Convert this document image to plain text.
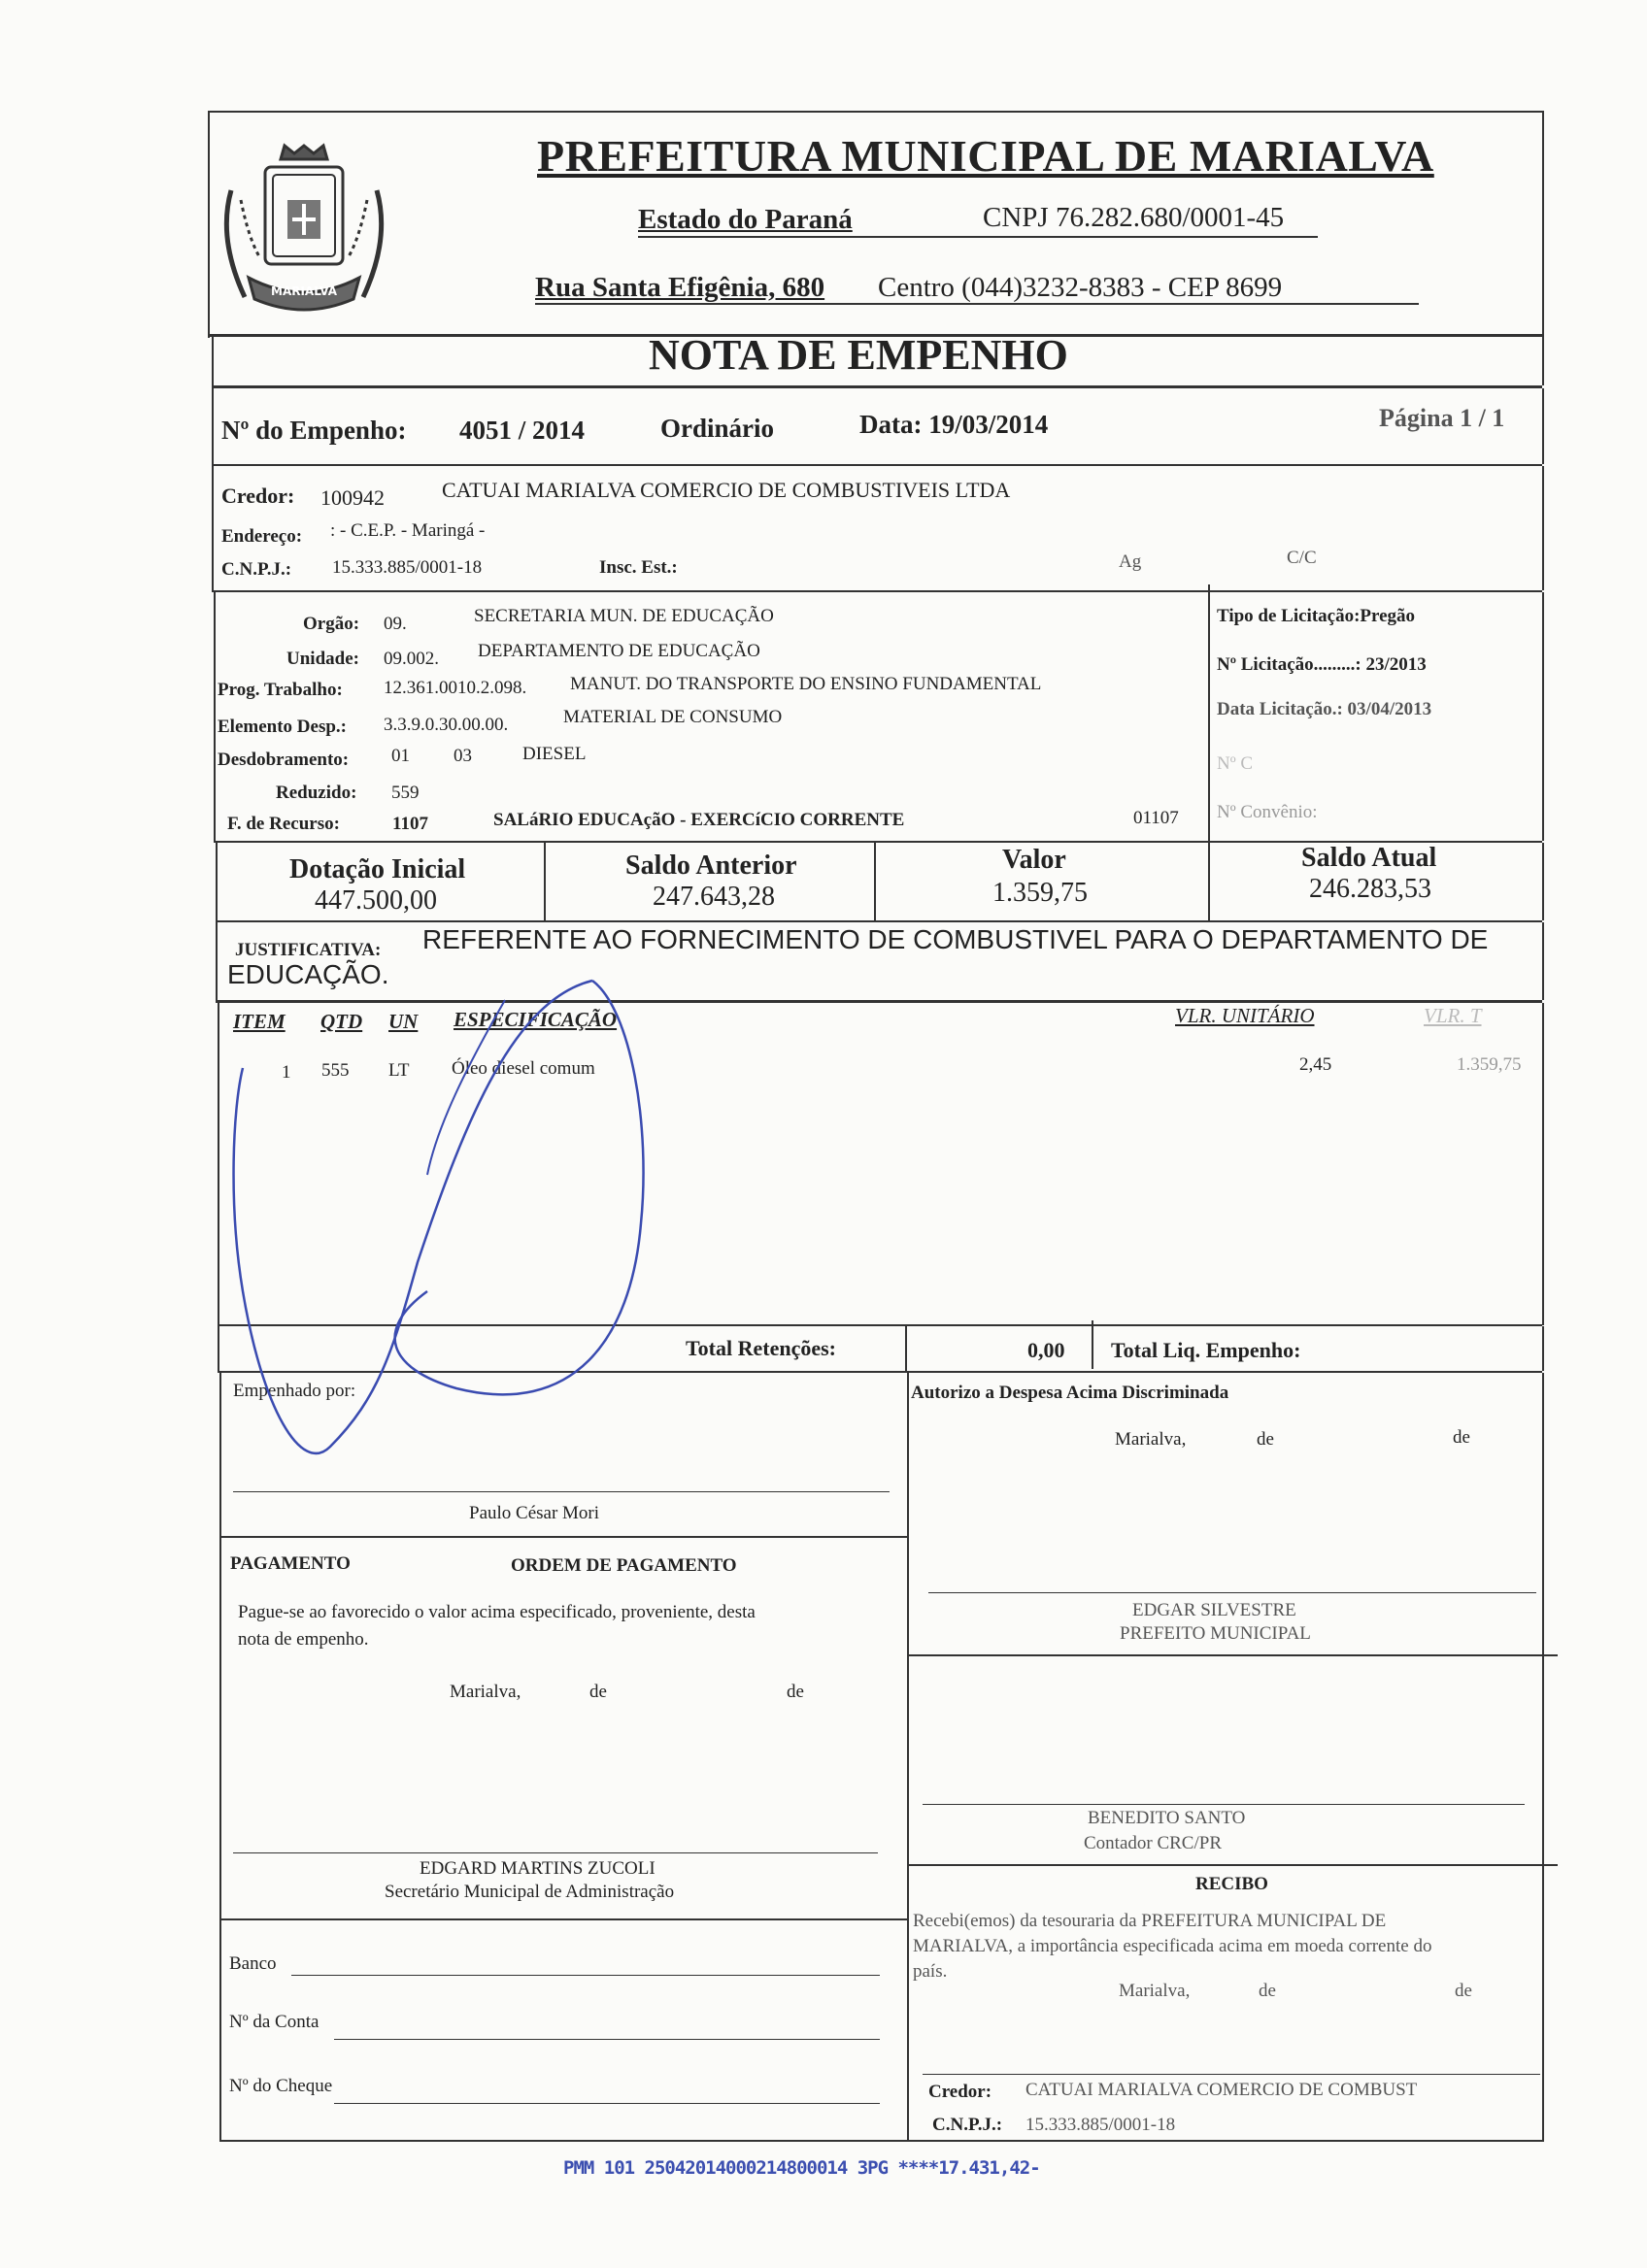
MARIALVA
PREFEITURA MUNICIPAL DE MARIALVA
Estado do Paraná	CNPJ 76.282.680/0001-45
Rua Santa Efigênia, 680 Centro (044)3232-8383 - CEP 8699
NOTA DE EMPENHO
Nº do Empenho: 4051 / 2014	Ordinário	Data: 19/03/2014	Página 1 / 1
Credor: 100942	CATUAI MARIALVA COMERCIO DE COMBUSTIVEIS LTDA
Endereço: : - C.E.P. - Maringá -
C.N.P.J.: 15.333.885/0001-18	Insc. Est.:	Ag	C/C
Orgão: 09.	SECRETARIA MUN. DE EDUCAÇÃO
Unidade: 09.002. DEPARTAMENTO DE EDUCAÇÃO
Prog. Trabalho: 12.361.0010.2.098. MANUT. DO TRANSPORTE DO ENSINO FUNDAMENTAL
Elemento Desp.: 3.3.9.0.30.00.00.	MATERIAL DE CONSUMO
Desdobramento: 01 03	DIESEL
Reduzido: 559
F. de Recurso:	1107	SALáRIO EDUCAçãO - EXERCíCIO CORRENTE	01107
Tipo de Licitação:Pregão
Nº Licitação.........: 23/2013
Data Licitação.: 03/04/2013
Nº C
Nº Convênio:
Dotação Inicial
447.500,00
Saldo Anterior
247.643,28
Valor
1.359,75
Saldo Atual
246.283,53
JUSTIFICATIVA: REFERENTE AO FORNECIMENTO DE COMBUSTIVEL PARA O DEPARTAMENTO DE
EDUCAÇÃO.
ITEM QTD UN ESPECIFICAÇÃO	VLR. UNITÁRIO	VLR. T
1 555 LT Óleo diesel comum	2,45	1.359,75
Total Retenções:	0,00 Total Liq. Empenho:
Empenhado por:
Paulo César Mori
PAGAMENTO	ORDEM DE PAGAMENTO
Pague-se ao favorecido o valor acima especificado, proveniente, desta
nota de empenho.
Marialva,	de	de
EDGARD MARTINS ZUCOLI
Secretário Municipal de Administração
Banco
Nº da Conta
Nº do Cheque
Autorizo a Despesa Acima Discriminada
Marialva,	de	de
EDGAR SILVESTRE
PREFEITO MUNICIPAL
BENEDITO SANTO
Contador CRC/PR
RECIBO
Recebi(emos) da tesouraria da PREFEITURA MUNICIPAL DE
MARIALVA, a importância especificada acima em moeda corrente do
país.
Marialva,	de	de
Credor: CATUAI MARIALVA COMERCIO DE COMBUST
C.N.P.J.: 15.333.885/0001-18
PMM 101 25042014000214800014 3PG ****17.431,42-
